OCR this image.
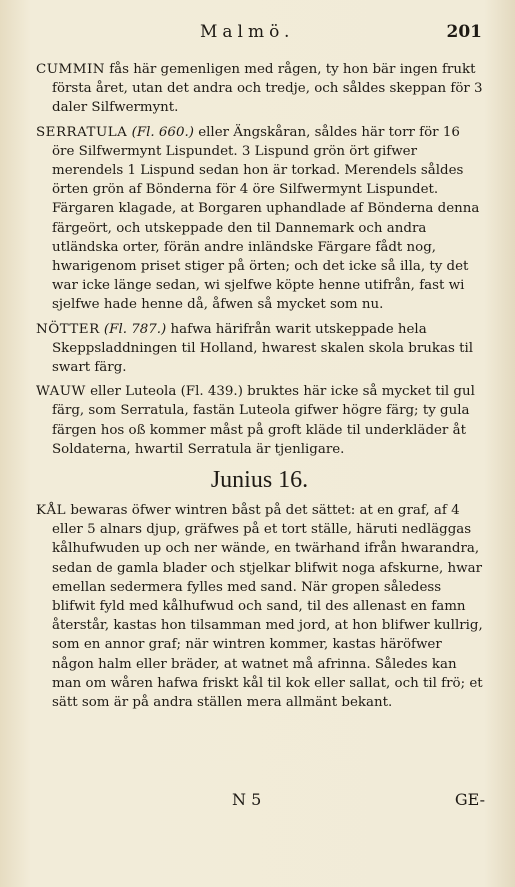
Malmö.	201

CUMMIN fås här gemenligen med rågen, ty hon bär ingen frukt första året, utan det andra och tredje, och såldes skeppan för 3 daler Silfwermynt.

SERRATULA (Fl. 660.) eller Ängskåran, såldes här torr för 16 öre Silfwermynt Lispundet. 3 Lispund grön ört gifwer merendels 1 Lispund sedan hon är torkad. Merendels såldes örten grön af Bönderna för 4 öre Silfwermynt Lispundet. Färgaren klagade, at Borgaren uphandlade af Bönderna denna färgeört, och utskeppade den til Dannemark och andra utländska orter, förän andre inländske Färgare fådt nog, hwarigenom priset stiger på örten; och det icke så illa, ty det war icke länge sedan, wi sjelfwe köpte henne utifrån, fast wi sjelfwe hade henne då, åfwen så mycket som nu.

NÖTTER (Fl. 787.) hafwa härifrån warit utskeppade hela Skeppsladdningen til Holland, hwarest skalen skola brukas til swart färg.

WAUW eller Luteola (Fl. 439.) bruktes här icke så mycket til gul färg, som Serratula, fastän Luteola gifwer högre färg; ty gula färgen hos oß kommer måst på groft kläde til underkläder åt Soldaterna, hwartil Serratula är tjenligare.

Junius 16.

KÅL bewaras öfwer wintren båst på det sättet: at en graf, af 4 eller 5 alnars djup, gräfwes på et tort ställe, häruti nedläggas kålhufwuden up och ner wände, en twärhand ifrån hwarandra, sedan de gamla blader och stjelkar blifwit noga afskurne, hwar emellan sedermera fylles med sand. När gropen såledess blifwit fyld med kålhufwud och sand, til des allenast en famn återstår, kastas hon tilsamman med jord, at hon blifwer kullrig, som en annor graf; när wintren kommer, kastas häröfwer någon halm eller bräder, at watnet må afrinna. Således kan man om wåren hafwa friskt kål til kok eller sallat, och til frö; et sätt som är på andra ställen mera allmänt bekant.

N 5	GE-
